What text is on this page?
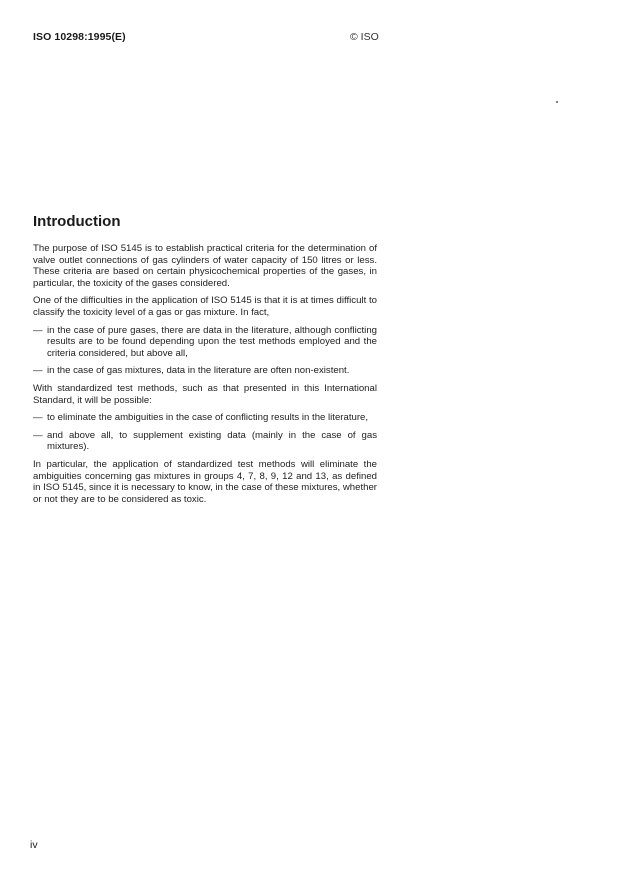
ISO 10298:1995(E)	© ISO
Introduction

The purpose of ISO 5145 is to establish practical criteria for the determination of valve outlet connections of gas cylinders of water capacity of 150 litres or less. These criteria are based on certain physicochemical properties of the gases, in particular, the toxicity of the gases considered.

One of the difficulties in the application of ISO 5145 is that it is at times difficult to classify the toxicity level of a gas or gas mixture. In fact,

— in the case of pure gases, there are data in the literature, although conflicting results are to be found depending upon the test methods employed and the criteria considered, but above all,
— in the case of gas mixtures, data in the literature are often non-existent.

With standardized test methods, such as that presented in this International Standard, it will be possible:

— to eliminate the ambiguities in the case of conflicting results in the literature,
— and above all, to supplement existing data (mainly in the case of gas mixtures).

In particular, the application of standardized test methods will eliminate the ambiguities concerning gas mixtures in groups 4, 7, 8, 9, 12 and 13, as defined in ISO 5145, since it is necessary to know, in the case of these mixtures, whether or not they are to be considered as toxic.

iv
